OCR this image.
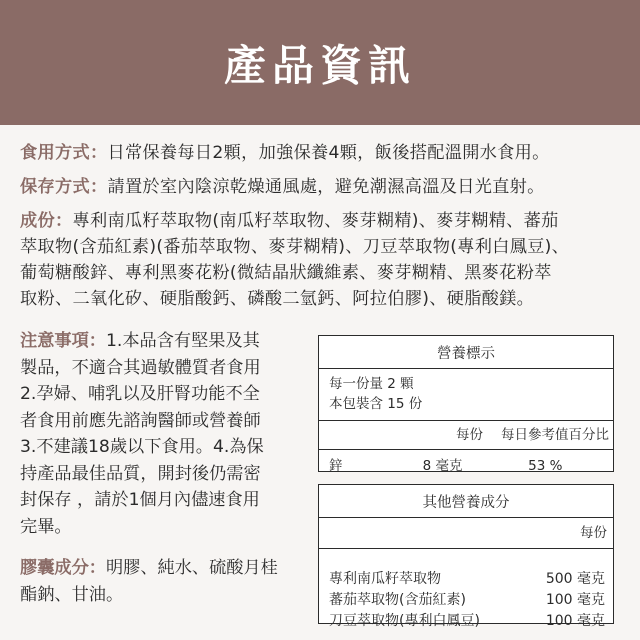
產品資訊
食用方式：日常保養每日2顆，加強保養4顆，飯後搭配溫開水食用。
保存方式：請置於室內陰涼乾燥通風處，避免潮濕高溫及日光直射。
成份：專利南瓜籽萃取物(南瓜籽萃取物、麥芽糊精)、麥芽糊精、蕃茄
萃取物(含茄紅素)(番茄萃取物、麥芽糊精)、刀豆萃取物(專利白鳳豆)、
葡萄糖酸鋅、專利黑麥花粉(微結晶狀纖維素、麥芽糊精、黑麥花粉萃
取粉、二氧化矽、硬脂酸鈣、磷酸二氫鈣、阿拉伯膠)、硬脂酸鎂。
注意事項：1.本品含有堅果及其
製品，不適合其過敏體質者食用
2.孕婦、哺乳以及肝腎功能不全
者食用前應先諮詢醫師或營養師
3.不建議18歲以下食用。4.為保
持產品最佳品質，開封後仍需密
封保存 ，請於1個月內儘速食用
完畢。
膠囊成分：明膠、純水、硫酸月桂
酯鈉、甘油。
營養標示
每一份量 2 顆
本包裝含 15 份
每份 每日參考值百分比
鋅	8 毫克	53 %
其他營養成分
每份
專利南瓜籽萃取物	500 毫克
蕃茄萃取物(含茄紅素)	100 毫克
刀豆萃取物(專利白鳳豆)	100 毫克
